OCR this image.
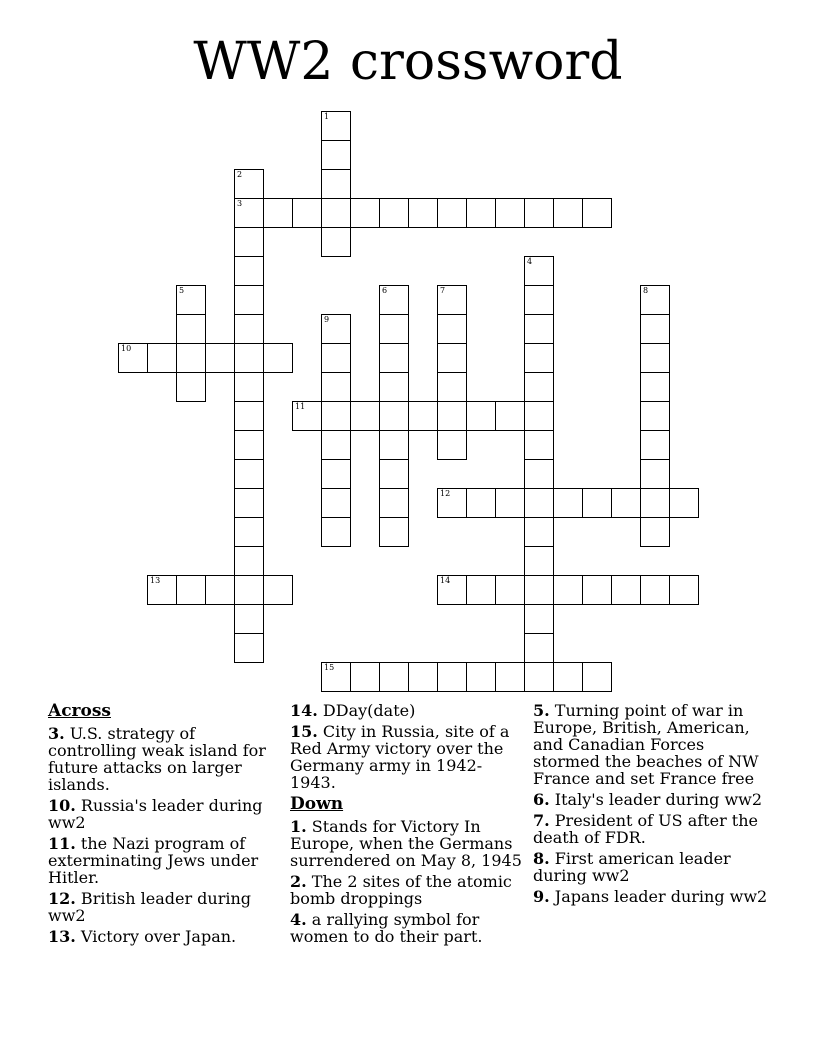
WW2 crossword
1
2
3
4
5	6	7	8
9
10
11
12
13	14
15
Across
3. U.S. strategy of controlling weak island for future attacks on larger islands.
10. Russia's leader during ww2
11. the Nazi program of exterminating Jews under Hitler.
12. British leader during ww2
13. Victory over Japan.
14. DDay(date)
15. City in Russia, site of a Red Army victory over the Germany army in 1942-1943.
Down
1. Stands for Victory In Europe, when the Germans surrendered on May 8, 1945
2. The 2 sites of the atomic bomb droppings
4. a rallying symbol for women to do their part.
5. Turning point of war in Europe, British, American, and Canadian Forces stormed the beaches of NW France and set France free
6. Italy's leader during ww2
7. President of US after the death of FDR.
8. First american leader during ww2
9. Japans leader during ww2
